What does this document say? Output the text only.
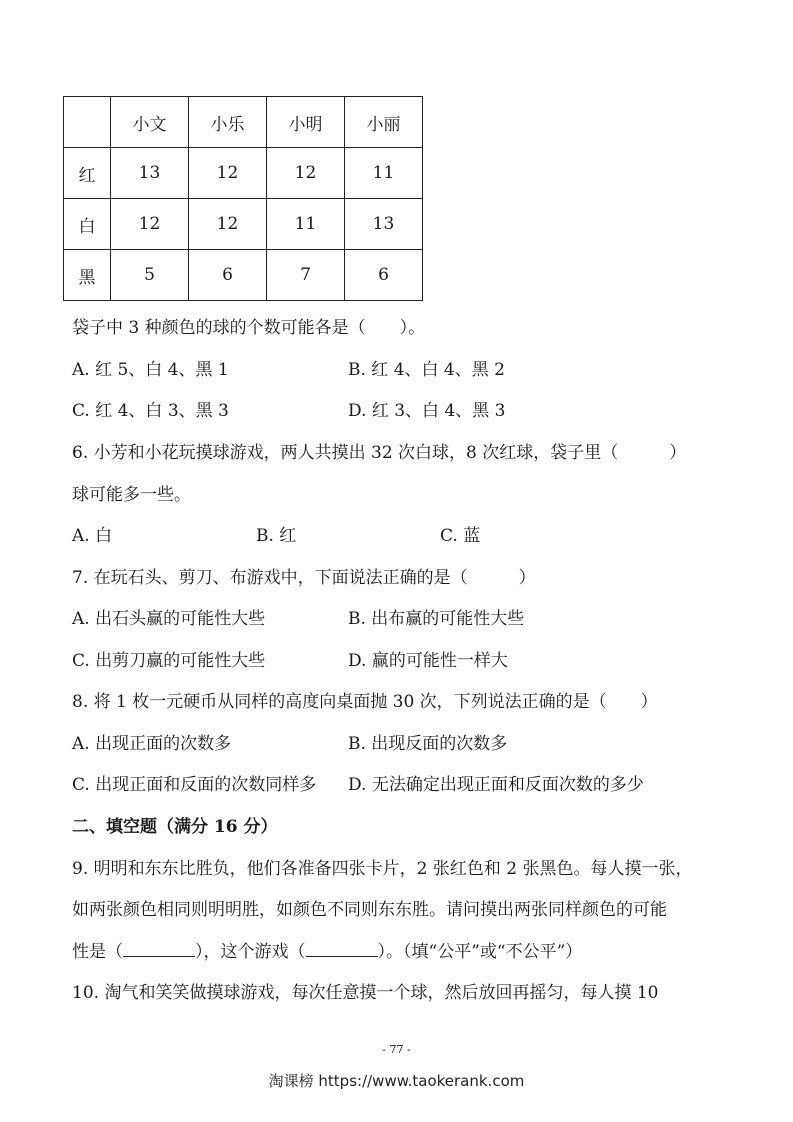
	小文	小乐	小明	小丽
红	13	12	12	11
白	12	12	11	13
黑	5	6	7	6
袋子中 3 种颜色的球的个数可能各是（　　）。
A. 红 5、白 4、黑 1	B. 红 4、白 4、黑 2
C. 红 4、白 3、黑 3	D. 红 3、白 4、黑 3
6. 小芳和小花玩摸球游戏，两人共摸出 32 次白球，8 次红球，袋子里（　　　）
球可能多一些。
A. 白	B. 红	C. 蓝
7. 在玩石头、剪刀、布游戏中，下面说法正确的是（　　　）
A. 出石头赢的可能性大些	B. 出布赢的可能性大些
C. 出剪刀赢的可能性大些	D. 赢的可能性一样大
8. 将 1 枚一元硬币从同样的高度向桌面抛 30 次，下列说法正确的是（　　）
A. 出现正面的次数多	B. 出现反面的次数多
C. 出现正面和反面的次数同样多 D. 无法确定出现正面和反面次数的多少
二、填空题（满分 16 分）
9. 明明和东东比胜负，他们各准备四张卡片，2 张红色和 2 张黑色。每人摸一张，
如两张颜色相同则明明胜，如颜色不同则东东胜。请问摸出两张同样颜色的可能
性是（	），这个游戏（	）。（填“公平”或“不公平”）
10. 淘气和笑笑做摸球游戏，每次任意摸一个球，然后放回再摇匀，每人摸 10
- 77 -
淘课榜 https://www.taokerank.com
